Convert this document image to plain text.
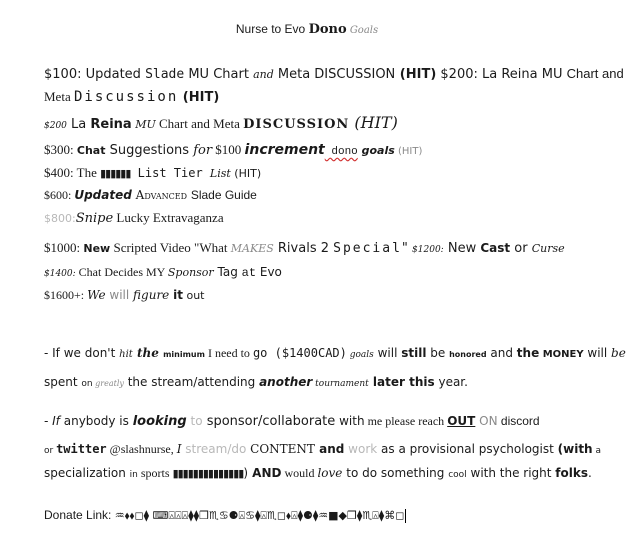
Nurse to Evo Dono Goals
$100: Updated Slade MU Chart and Meta DISCUSSION (HIT) $200: La Reina MU Chart and
Meta Discussion (HIT)
$200 La Reina MU Chart and Meta DISCUSSION (HIT)
$300: Chat Suggestions for $100 increment dono goals (HIT)
$400: The ▮▮▮▮▮▮ List Tier List (HIT)
$600: Updated Advanced Slade Guide
$800:Snipe Lucky Extravaganza
$1000: New Scripted Video "What MAKES Rivals 2 Special" $1200: New Cast or Curse
$1400: Chat Decides MY Sponsor Tag at Evo
$1600+: We will figure it out
- If we don't hit the minimum I need to go ($1400CAD) goals will still be honored and the MONEY will be
spent on greatly the stream/attending another tournament later this year.
- If anybody is looking to sponsor/collaborate with me please reach OUT ON discord
or twitter @slashnurse, I stream/do CONTENT and work as a provisional psychologist (with a
specialization in sports ▮▮▮▮▮▮▮▮▮▮▮▮▮▮) AND would love to do something cool with the right folks.
Donate Link: ♒︎⬧︎⬧︎◻︎⧫︎ ⌨︎⍓︎⍓︎⍓︎⧫︎⧫︎❒︎♏︎♋︎⚈︎⍓︎♋︎⧫︎⍓︎♏︎◻︎⬧︎⍓︎⧫︎⚈︎⧫︎♒︎■︎◆︎❒︎⧫︎♏︎⍓︎⧫︎⌘︎◻︎
